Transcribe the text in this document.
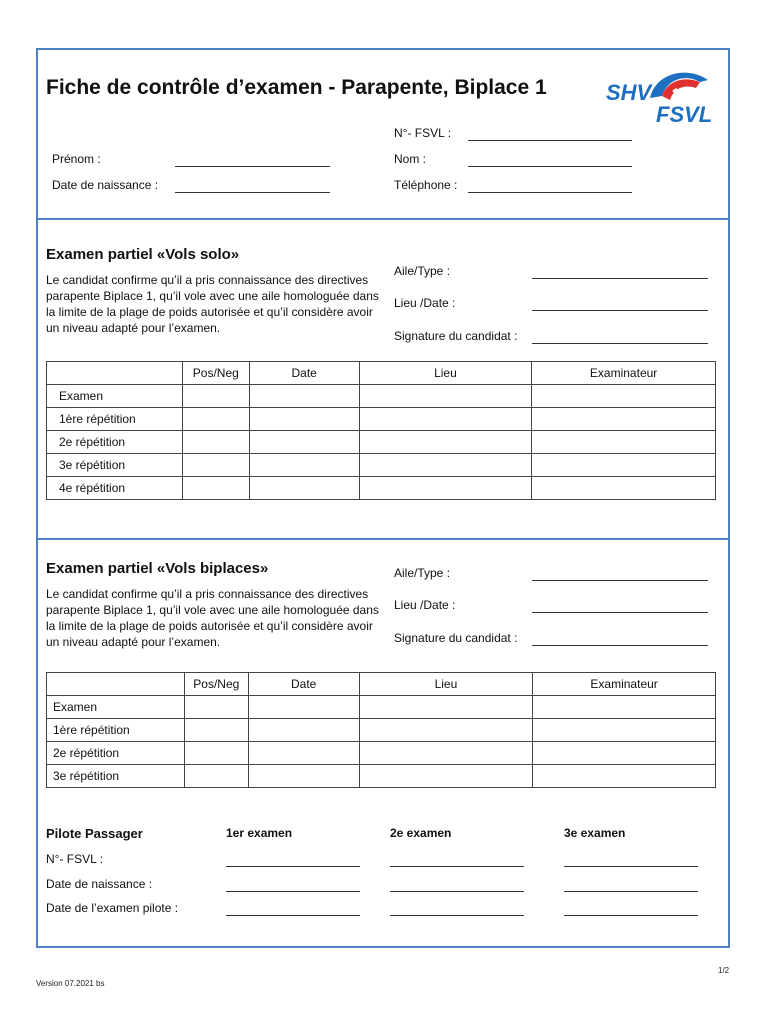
Fiche de contrôle d’examen - Parapente, Biplace 1	SHV
FSVL
N°- FSVL :
Prénom :	Nom :
Date de naissance :	Téléphone :
Examen partiel «Vols solo»
Le candidat confirme qu’il a pris connaissance des directives parapente Biplace 1, qu’il vole avec une aile homologuée dans la limite de la plage de poids autorisée et qu’il considère avoir un niveau adapté pour l’examen.
Aile/Type :
Lieu /Date :
Signature du candidat :
	Pos/Neg	Date	Lieu	Examinateur
Examen				
1ère répétition				
2e répétition				
3e répétition				
4e répétition				
Examen partiel «Vols biplaces»
Le candidat confirme qu’il a pris connaissance des directives parapente Biplace 1, qu’il vole avec une aile homologuée dans la limite de la plage de poids autorisée et qu’il considère avoir un niveau adapté pour l’examen.
Aile/Type :
Lieu /Date :
Signature du candidat :
	Pos/Neg	Date	Lieu	Examinateur
Examen				
1ère répétition				
2e répétition				
3e répétition				
Pilote Passager	1er examen	2e examen	3e examen
N°- FSVL :
Date de naissance :
Date de l’examen pilote :
1/2
Version 07.2021 bs
